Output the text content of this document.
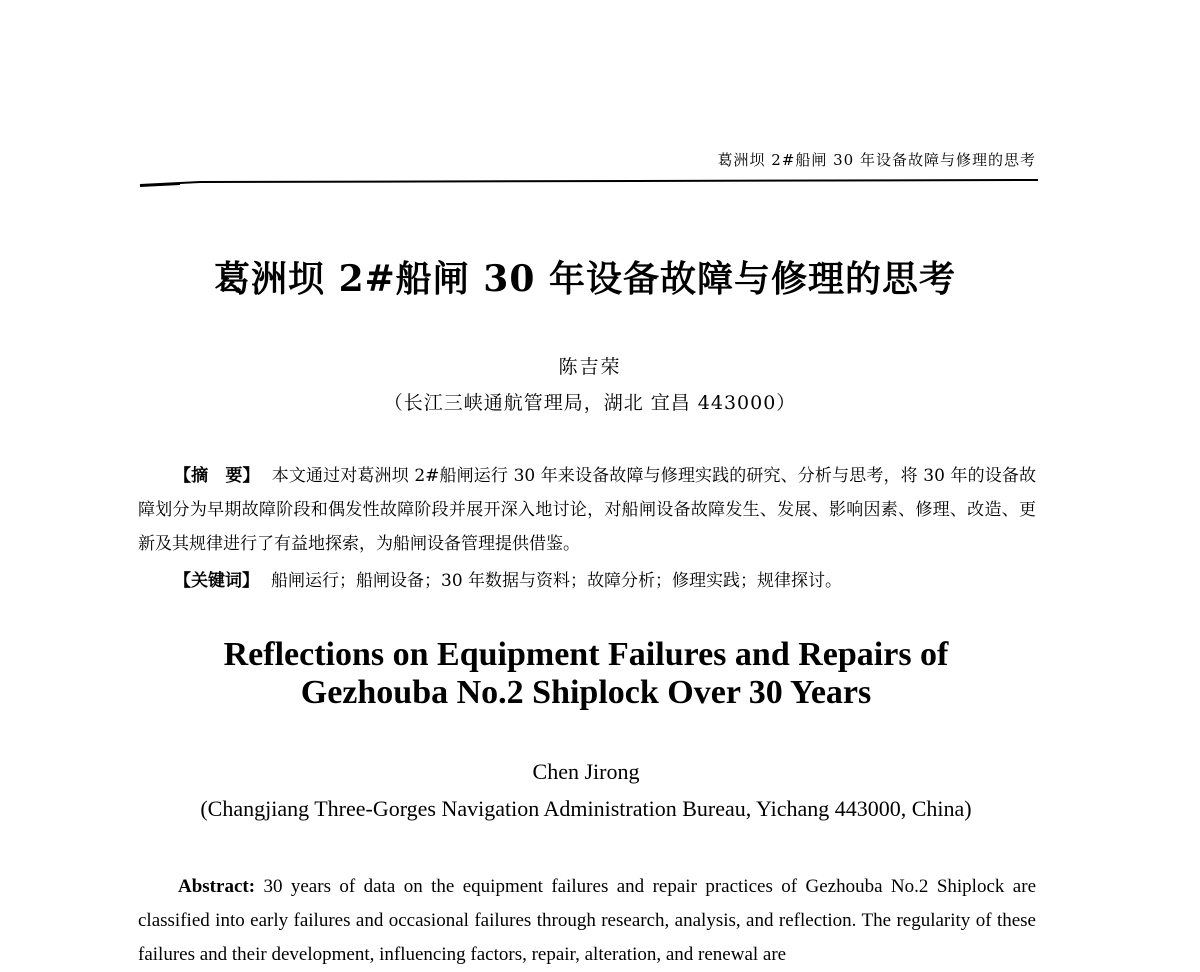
葛洲坝 2#船闸 30 年设备故障与修理的思考
葛洲坝 2#船闸 30 年设备故障与修理的思考
陈吉荣
（长江三峡通航管理局，湖北 宜昌 443000）

【摘　要】 本文通过对葛洲坝 2#船闸运行 30 年来设备故障与修理实践的研究、分析与思考，将 30 年的设备故障划分为早期故障阶段和偶发性故障阶段并展开深入地讨论，对船闸设备故障发生、发展、影响因素、修理、改造、更新及其规律进行了有益地探索，为船闸设备管理提供借鉴。

【关键词】 船闸运行；船闸设备；30 年数据与资料；故障分析；修理实践；规律探讨。

Reflections on Equipment Failures and Repairs of
Gezhouba No.2 Shiplock Over 30 Years
Chen Jirong
(Changjiang Three-Gorges Navigation Administration Bureau, Yichang 443000, China)

Abstract: 30 years of data on the equipment failures and repair practices of Gezhouba No.2 Shiplock are classified into early failures and occasional failures through research, analysis, and reflection. The regularity of these failures and their development, influencing factors, repair, alteration, and renewal are
